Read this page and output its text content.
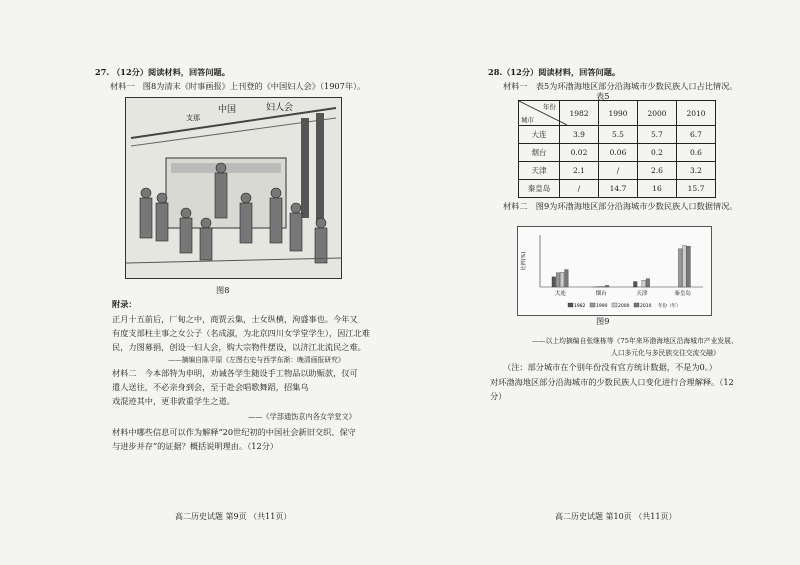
27. （12分）阅读材料，回答问题。
材料一　图8为清末《时事画报》上刊登的《中国妇人会》（1907年）。
中国	妇人会
支那
图8
附录：
正月十五前后，厂甸之中，商贾云集，士女纵横，洵盛事也。今年又
有度支部柱主事之女公子（名成淑，为北京四川女学堂学生），因江北难
民，力图募捐，创设一妇人会，购大宗物件摆设，以济江北流民之难。
——摘编自陈平原《左图右史与西学东渐：晚清画报研究》
材料二　今本部特为申明，劝诫各学生随设手工物品以助赈款，仅可
遣人送往，不必亲身到会，至于赴会唱歌舞蹈，招集乌
戏混迹其中，更非敦重学生之道。
——《学部通饬京内各女学堂文》
材料中哪些信息可以作为解释“20世纪初的中国社会新旧交织、保守
与进步并存”的证据？概括说明理由。（12分）
高二历史试题 第9页 （共11页）
28.（12分）阅读材料，回答问题。
材料一　表5为环渤海地区部分沿海城市少数民族人口占比情况。
表5
年份
城市	1982	1990	2000	2010
大连	3.9	5.5	5.7	6.7
烟台	0.02	0.06	0.2	0.6
天津	2.1	/	2.6	3.2
秦皇岛	/	14.7	16	15.7
材料二　图9为环渤海地区部分沿海城市少数民族人口数据情况。
比例(%)
大连	烟台	天津	秦皇岛
1982 1990 2000 2010 年份（年）
图9
——以上均摘编自张继栋等《75年来环渤海地区沿海城市产业发展、
人口多元化与多民族交往交流交融》
（注：部分城市在个别年份没有官方统计数据，不是为0。）
对环渤海地区部分沿海城市的少数民族人口变化进行合理解释。（12
分）
高二历史试题 第10页 （共11页）
